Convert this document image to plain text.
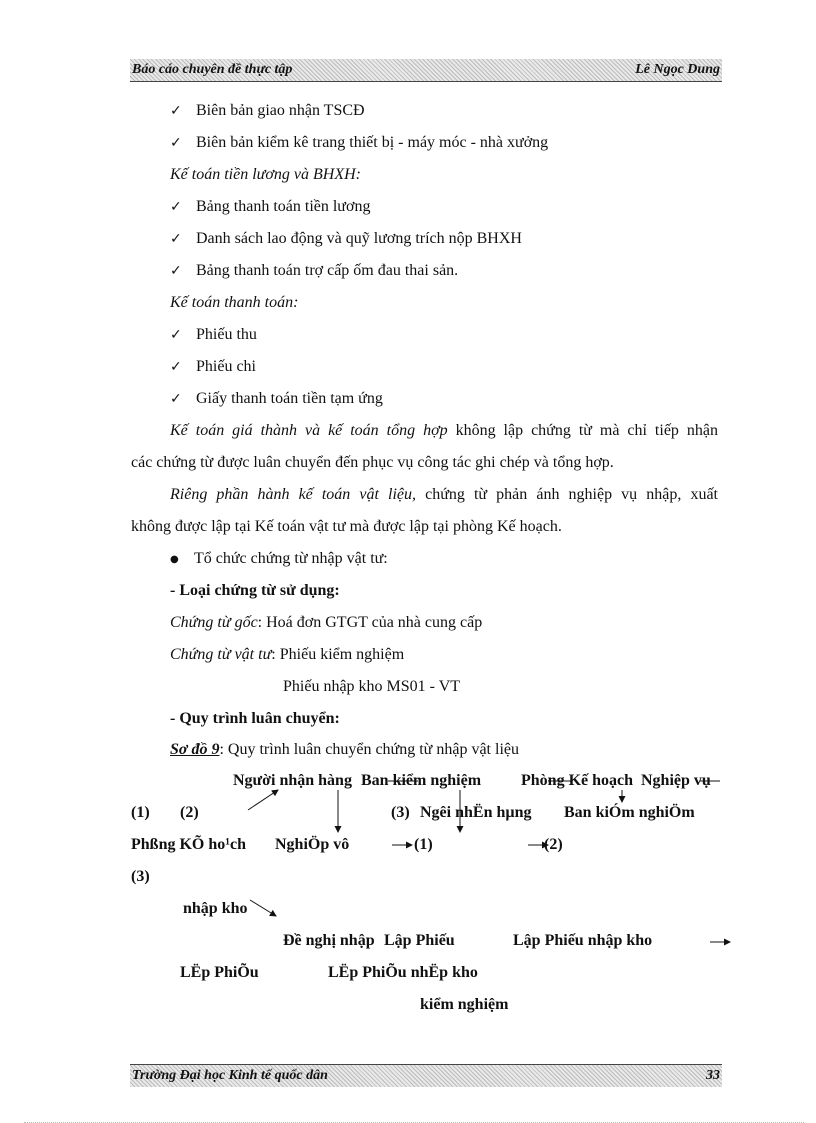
Báo cáo chuyên đề thực tập	Lê Ngọc Dung
✓ Biên bản giao nhận TSCĐ
✓ Biên bản kiểm kê trang thiết bị - máy móc - nhà xưởng
Kế toán tiền lương và BHXH:
✓ Bảng thanh toán tiền lương
✓ Danh sách lao động và quỹ lương trích nộp BHXH
✓ Bảng thanh toán trợ cấp ốm đau thai sản.
Kế toán thanh toán:
✓ Phiếu thu
✓ Phiếu chi
✓ Giấy thanh toán tiền tạm ứng
Kế toán giá thành và kế toán tổng hợp không lập chứng từ mà chỉ tiếp nhận
các chứng từ được luân chuyển đến phục vụ công tác ghi chép và tổng hợp.
Riêng phần hành kế toán vật liệu, chứng từ phản ánh nghiệp vụ nhập, xuất
không được lập tại Kế toán vật tư mà được lập tại phòng Kế hoạch.
● Tổ chức chứng từ nhập vật tư:
- Loại chứng từ sử dụng:
Chứng từ gốc: Hoá đơn GTGT của nhà cung cấp
Chứng từ vật tư: Phiếu kiểm nghiệm
Phiếu nhập kho MS01 - VT
- Quy trình luân chuyển:
Sơ đồ 9: Quy trình luân chuyển chứng từ nhập vật liệu
Người nhận hàng Ban kiểm nghiệm Phòng Kế hoạch Nghiệp vụ
(1) (2)	(3) Ngêi nhËn hµng Ban kiÓm nghiÖm
Phßng KÕ ho¹ch NghiÖp vô	(1)	(2)
(3)
nhập kho
Đề nghị nhập Lập Phiếu	Lập Phiếu nhập kho
LËp PhiÕu	LËp PhiÕu nhËp kho
kiểm nghiệm
Trường Đại học Kinh tế quốc dân	33
